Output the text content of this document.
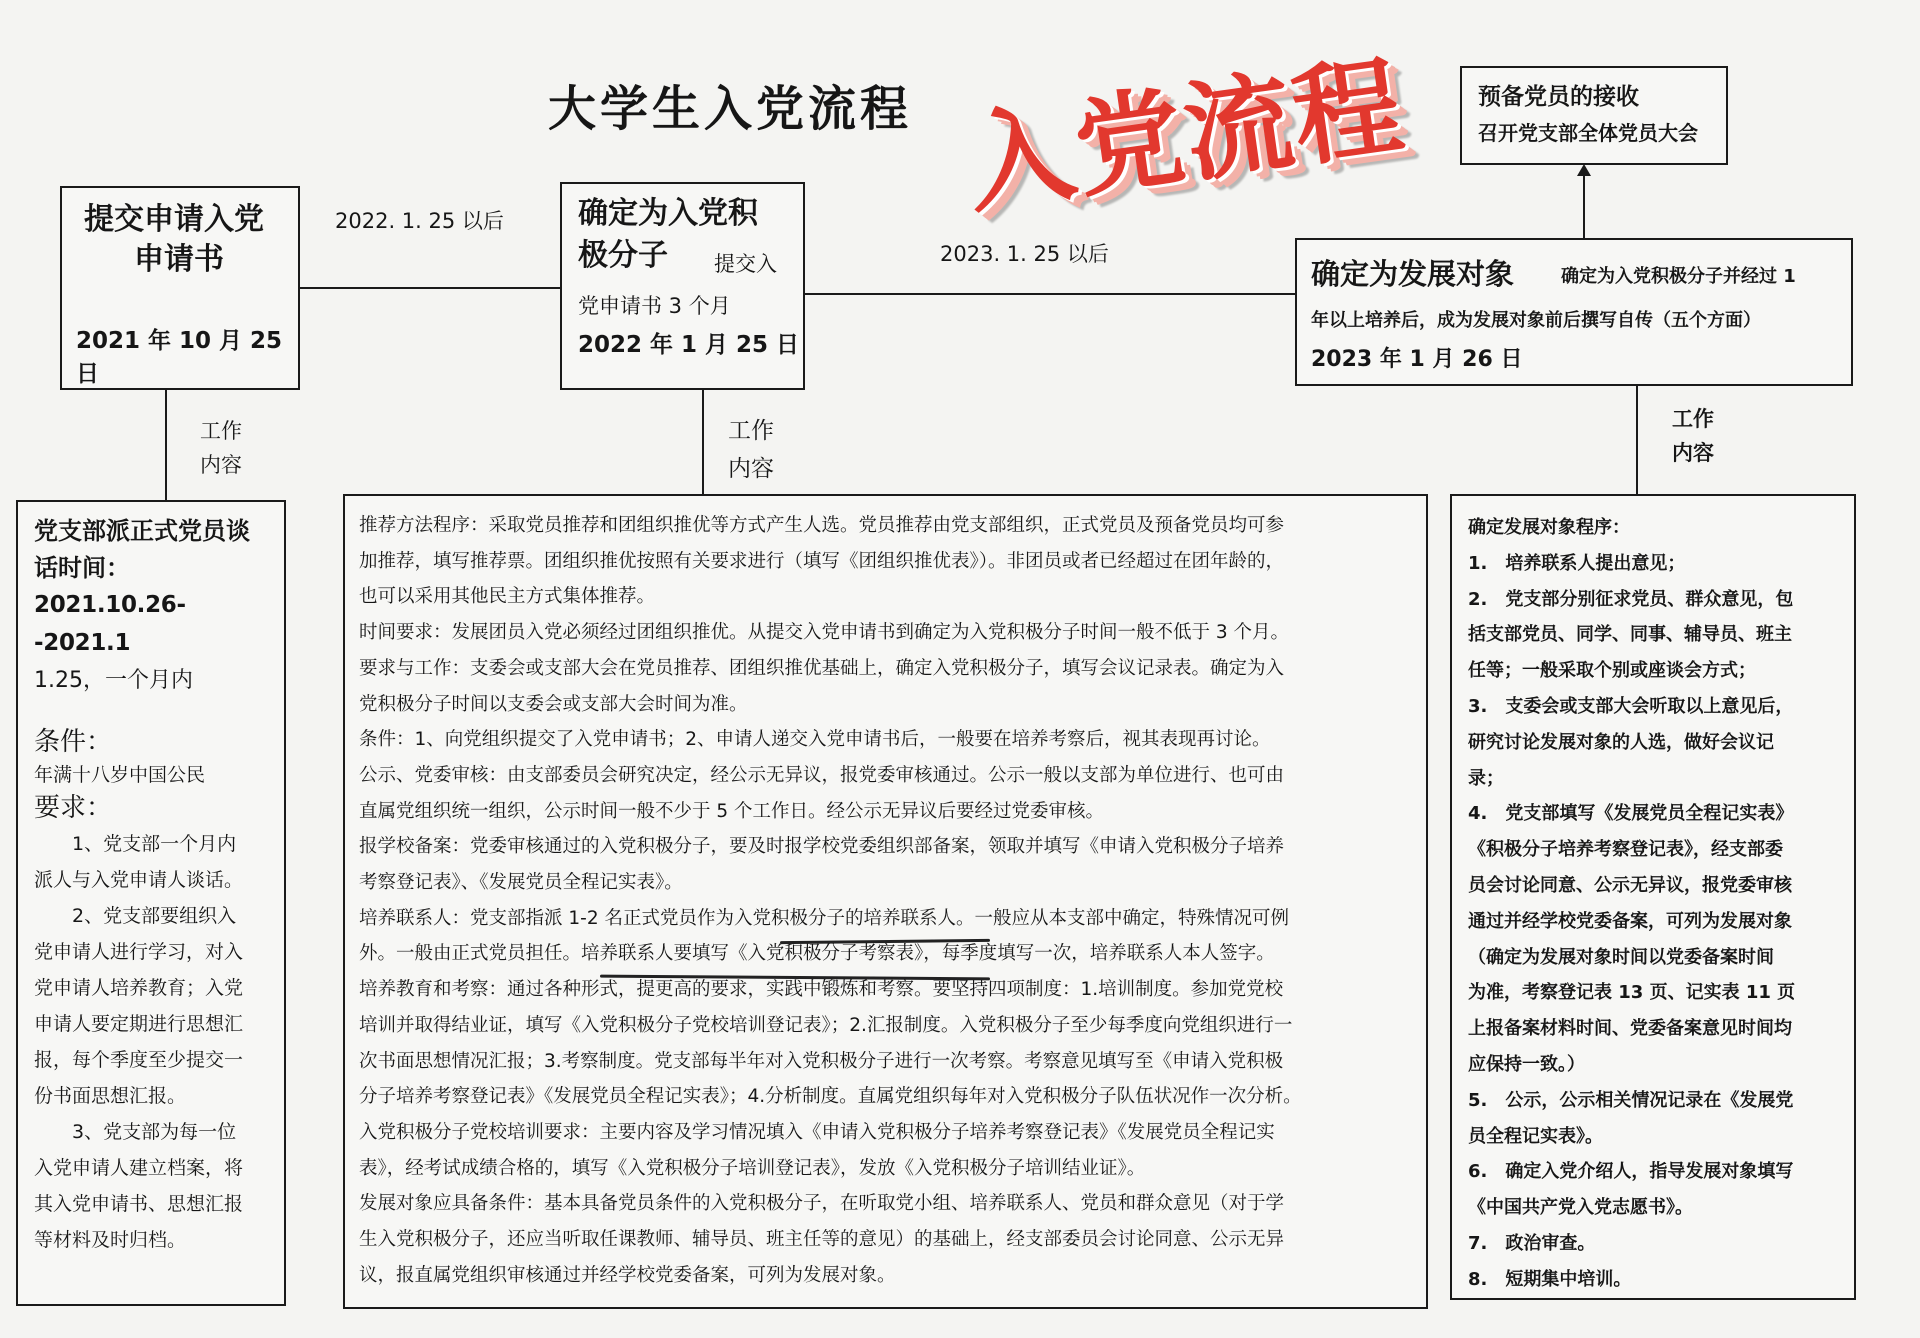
大学生入党流程 入党流程	预备党员的接收
召开党支部全体党员大会
提交申请入党
申请书
2021 年 10 月 25 日
2022. 1. 25 以后 确定为入党积
极分子 提交入
党申请书 3 个月
2022 年 1 月 25 日
2023. 1. 25 以后
确定为发展对象	确定为入党积极分子并经过 1
年以上培养后，成为发展对象前后撰写自传（五个方面）
2023 年 1 月 26 日
工作
内容
工作
内容
工作
内容

党支部派正式党员谈

话时间：

2021.10.26--2021.1

1.25，一个月内

条件：

年满十八岁中国公民

要求：

1、党支部一个月内

派人与入党申请人谈话。

2、党支部要组织入

党申请人进行学习，对入

党申请人培养教育；入党

申请人要定期进行思想汇

报，每个季度至少提交一

份书面思想汇报。

3、党支部为每一位

入党申请人建立档案，将

其入党申请书、思想汇报

等材料及时归档。

推荐方法程序：采取党员推荐和团组织推优等方式产生人选。党员推荐由党支部组织，正式党员及预备党员均可参

加推荐，填写推荐票。团组织推优按照有关要求进行（填写《团组织推优表》）。非团员或者已经超过在团年龄的，

也可以采用其他民主方式集体推荐。

时间要求：发展团员入党必须经过团组织推优。从提交入党申请书到确定为入党积极分子时间一般不低于 3 个月。

要求与工作：支委会或支部大会在党员推荐、团组织推优基础上，确定入党积极分子，填写会议记录表。确定为入

党积极分子时间以支委会或支部大会时间为准。

条件：1、向党组织提交了入党申请书；2、申请人递交入党申请书后，一般要在培养考察后，视其表现再讨论。

公示、党委审核：由支部委员会研究决定，经公示无异议，报党委审核通过。公示一般以支部为单位进行、也可由

直属党组织统一组织，公示时间一般不少于 5 个工作日。经公示无异议后要经过党委审核。

报学校备案：党委审核通过的入党积极分子，要及时报学校党委组织部备案，领取并填写《申请入党积极分子培养

考察登记表》、《发展党员全程记实表》。

培养联系人：党支部指派 1-2 名正式党员作为入党积极分子的培养联系人。一般应从本支部中确定，特殊情况可例

外。一般由正式党员担任。培养联系人要填写《入党积极分子考察表》，每季度填写一次，培养联系人本人签字。

培养教育和考察：通过各种形式，提更高的要求，实践中锻炼和考察。要坚持四项制度：1.培训制度。参加党党校

培训并取得结业证，填写《入党积极分子党校培训登记表》；2.汇报制度。入党积极分子至少每季度向党组织进行一

次书面思想情况汇报；3.考察制度。党支部每半年对入党积极分子进行一次考察。考察意见填写至《申请入党积极

分子培养考察登记表》《发展党员全程记实表》；4.分析制度。直属党组织每年对入党积极分子队伍状况作一次分析。

入党积极分子党校培训要求：主要内容及学习情况填入《申请入党积极分子培养考察登记表》《发展党员全程记实

表》，经考试成绩合格的，填写《入党积极分子培训登记表》，发放《入党积极分子培训结业证》。

发展对象应具备条件：基本具备党员条件的入党积极分子，在听取党小组、培养联系人、党员和群众意见（对于学

生入党积极分子，还应当听取任课教师、辅导员、班主任等的意见）的基础上，经支部委员会讨论同意、公示无异

议，报直属党组织审核通过并经学校党委备案，可列为发展对象。

确定发展对象程序：

1.　培养联系人提出意见；

2.　党支部分别征求党员、群众意见，包

括支部党员、同学、同事、辅导员、班主

任等；一般采取个别或座谈会方式；

3.　支委会或支部大会听取以上意见后，

研究讨论发展对象的人选，做好会议记

录；

4.　党支部填写《发展党员全程记实表》

《积极分子培养考察登记表》，经支部委

员会讨论同意、公示无异议，报党委审核

通过并经学校党委备案，可列为发展对象

（确定为发展对象时间以党委备案时间

为准，考察登记表 13 页、记实表 11 页

上报备案材料时间、党委备案意见时间均

应保持一致。）

5.　公示，公示相关情况记录在《发展党

员全程记实表》。

6.　确定入党介绍人，指导发展对象填写

《中国共产党入党志愿书》。

7.　政治审查。

8.　短期集中培训。
